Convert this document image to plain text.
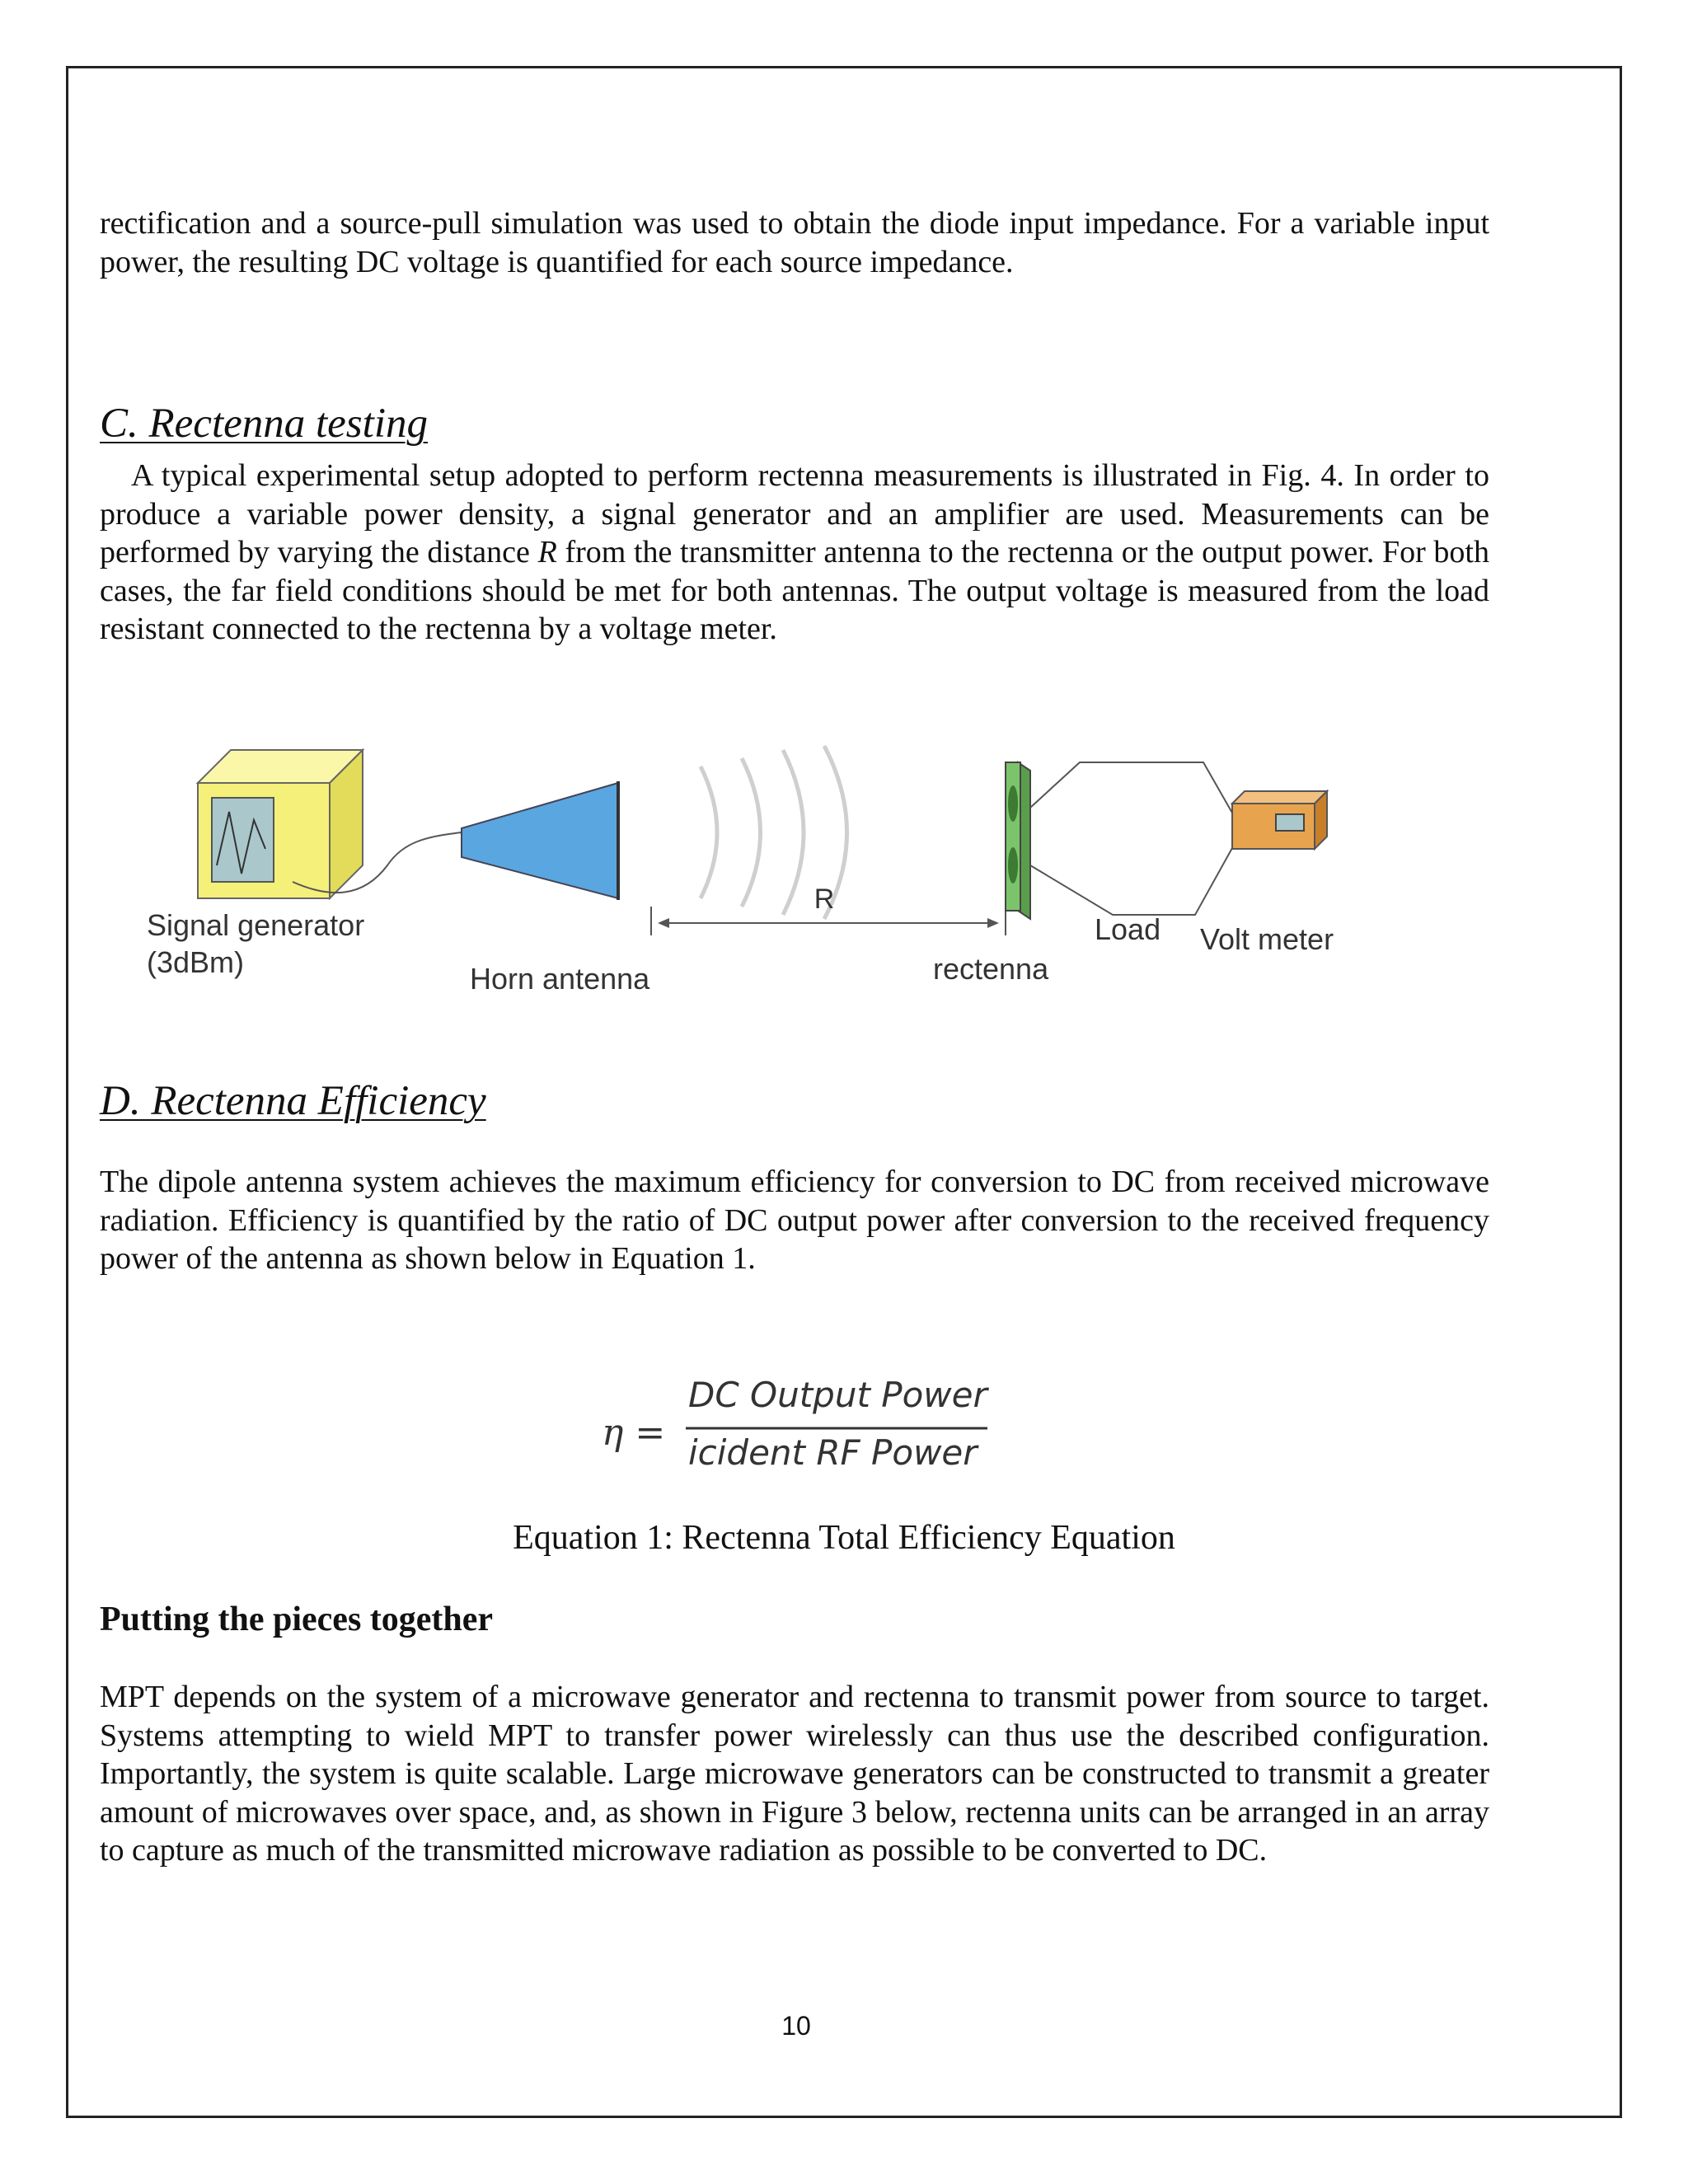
rectification and a source-pull simulation was used to obtain the diode input impedance. For a variable input power, the resulting DC voltage is quantified for each source impedance.

C. Rectenna testing

A typical experimental setup adopted to perform rectenna measurements is illustrated in Fig. 4. In order to produce a variable power density, a signal generator and an amplifier are used. Measurements can be performed by varying the distance R from the transmitter antenna to the rectenna or the output power. For both cases, the far field conditions should be met for both antennas. The output voltage is measured from the load resistant connected to the rectenna by a voltage meter.

R
Signal generator
(3dBm)	Horn antenna	rectenna
Load Volt meter
D. Rectenna Efficiency

The dipole antenna system achieves the maximum efficiency for conversion to DC from received microwave radiation. Efficiency is quantified by the ratio of DC output power after conversion to the received frequency power of the antenna as shown below in Equation 1.

η =
DC Output Power
icident RF Power

Equation 1: Rectenna Total Efficiency Equation

Putting the pieces together

MPT depends on the system of a microwave generator and rectenna to transmit power from source to target. Systems attempting to wield MPT to transfer power wirelessly can thus use the described configuration. Importantly, the system is quite scalable. Large microwave generators can be constructed to transmit a greater amount of microwaves over space, and, as shown in Figure 3 below, rectenna units can be arranged in an array to capture as much of the transmitted microwave radiation as possible to be converted to DC.

10
